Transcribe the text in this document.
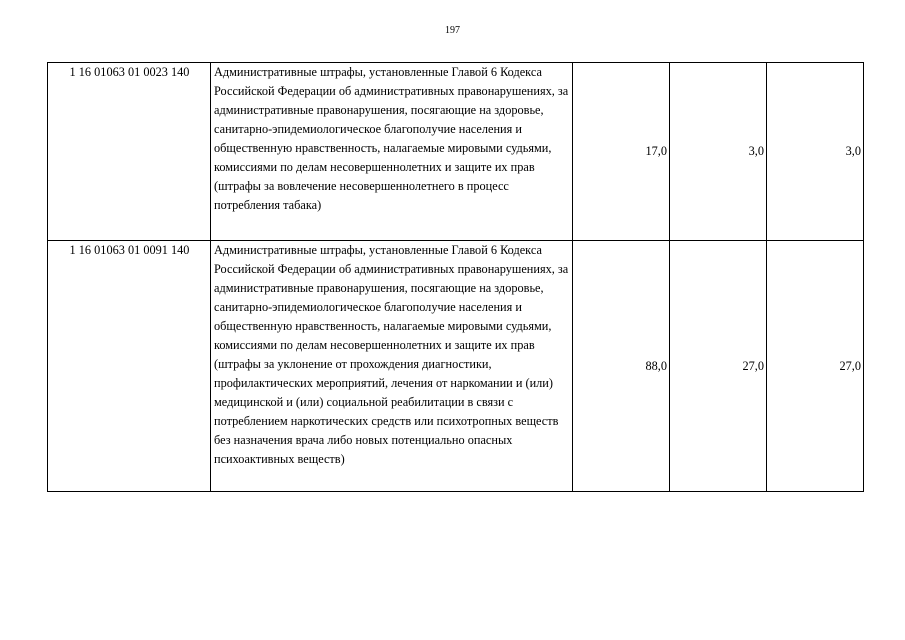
197
1 16 01063 01 0023 140	Административные штрафы, установленные Главой 6 Кодекса Российской Федерации об административных правонарушениях, за административные правонарушения, посягающие на здоровье, санитарно-эпидемиологическое благополучие населения и общественную нравственность, налагаемые мировыми судьями, комиссиями по делам несовершеннолетних и защите их прав (штрафы за вовлечение несовершеннолетнего в процесс потребления табака)	17,0	3,0	3,0
1 16 01063 01 0091 140	Административные штрафы, установленные Главой 6 Кодекса Российской Федерации об административных правонарушениях, за административные правонарушения, посягающие на здоровье, санитарно-эпидемиологическое благополучие населения и общественную нравственность, налагаемые мировыми судьями, комиссиями по делам несовершеннолетних и защите их прав (штрафы за уклонение от прохождения диагностики, профилактических мероприятий, лечения от наркомании и (или) медицинской и (или) социальной реабилитации в связи с потреблением наркотических средств или психотропных веществ без назначения врача либо новых потенциально опасных психоактивных веществ)	88,0	27,0	27,0
